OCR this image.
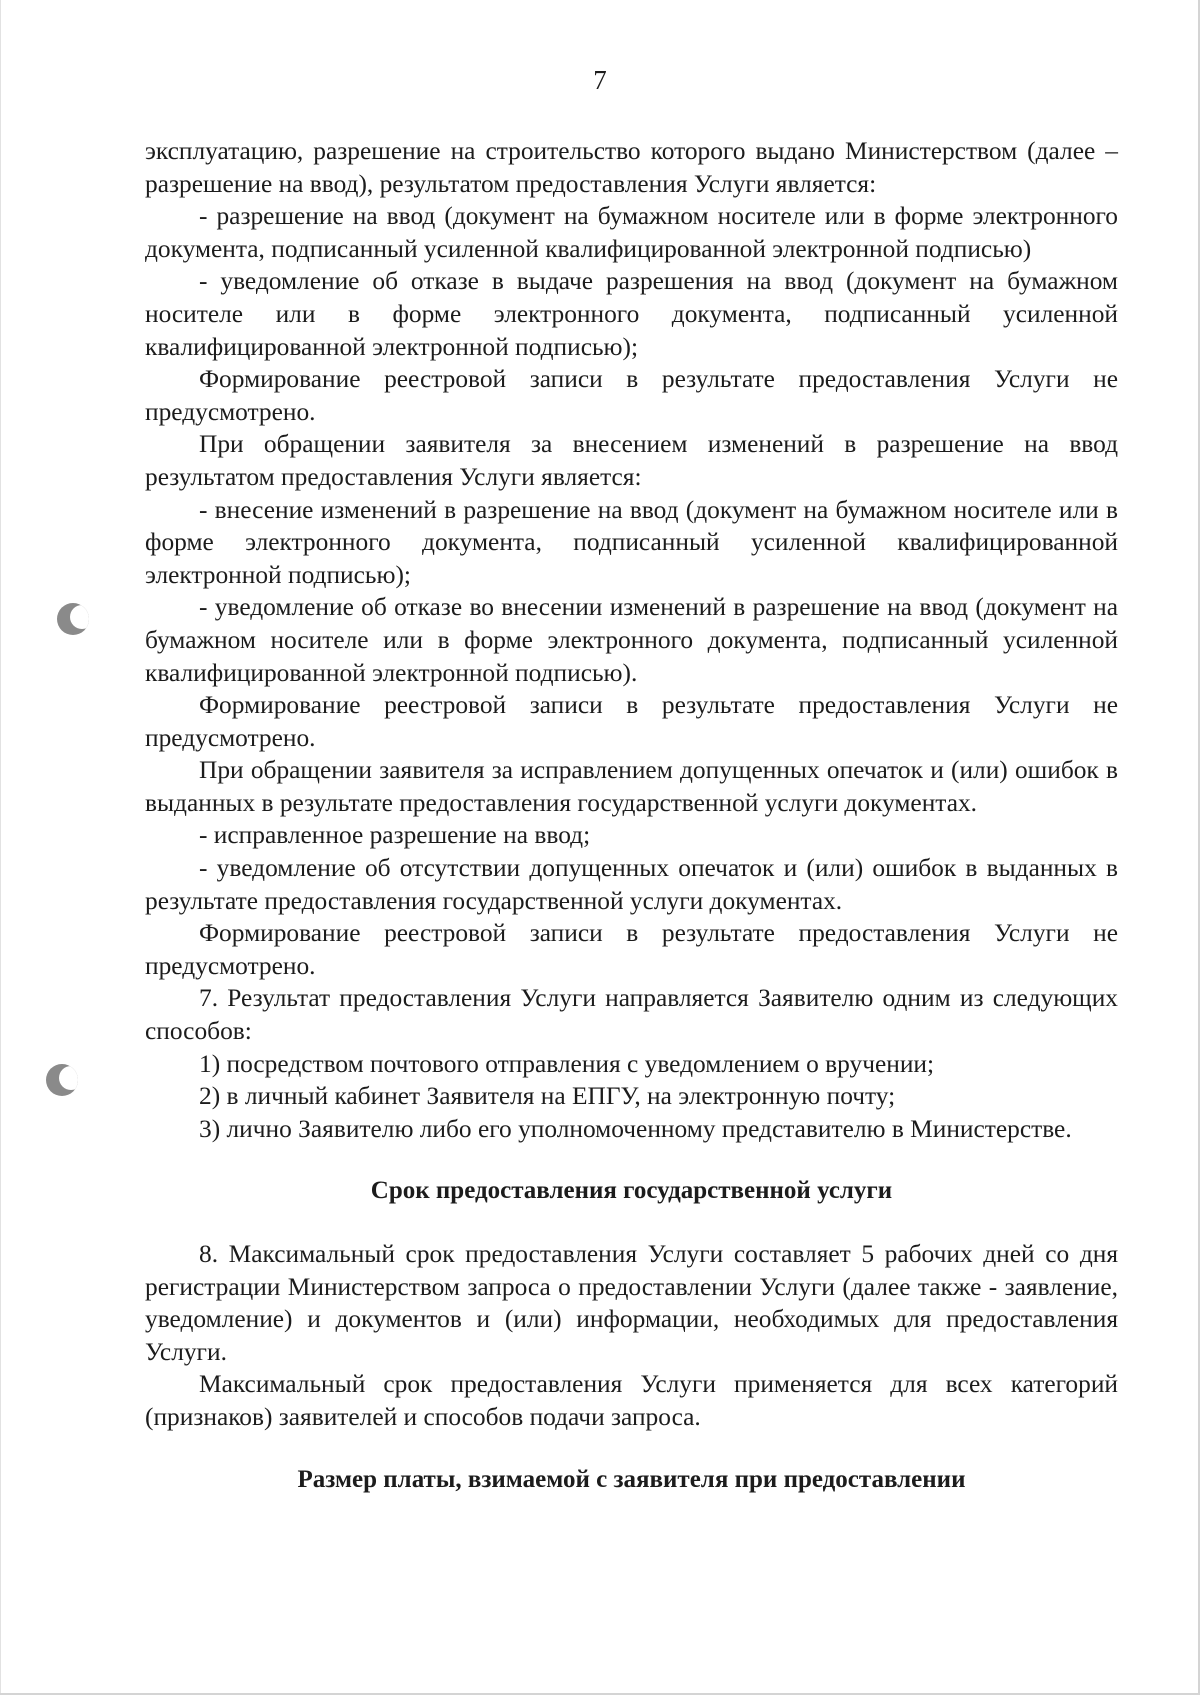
7

эксплуатацию, разрешение на строительство которого выдано Министерством (далее – разрешение на ввод), результатом предоставления Услуги является:

- разрешение на ввод (документ на бумажном носителе или в форме электронного документа, подписанный усиленной квалифицированной электронной подписью)

- уведомление об отказе в выдаче разрешения на ввод (документ на бумажном носителе или в форме электронного документа, подписанный усиленной квалифицированной электронной подписью);

Формирование реестровой записи в результате предоставления Услуги не предусмотрено.

При обращении заявителя за внесением изменений в разрешение на ввод результатом предоставления Услуги является:

- внесение изменений в разрешение на ввод (документ на бумажном носителе или в форме электронного документа, подписанный усиленной квалифицированной электронной подписью);

- уведомление об отказе во внесении изменений в разрешение на ввод (документ на бумажном носителе или в форме электронного документа, подписанный усиленной квалифицированной электронной подписью).

Формирование реестровой записи в результате предоставления Услуги не предусмотрено.

При обращении заявителя за исправлением допущенных опечаток и (или) ошибок в выданных в результате предоставления государственной услуги документах.

- исправленное разрешение на ввод;

- уведомление об отсутствии допущенных опечаток и (или) ошибок в выданных в результате предоставления государственной услуги документах.

Формирование реестровой записи в результате предоставления Услуги не предусмотрено.

7. Результат предоставления Услуги направляется Заявителю одним из следующих способов:

1) посредством почтового отправления с уведомлением о вручении;

2) в личный кабинет Заявителя на ЕПГУ, на электронную почту;

3) лично Заявителю либо его уполномоченному представителю в Министерстве.

Срок предоставления государственной услуги

8. Максимальный срок предоставления Услуги составляет 5 рабочих дней со дня регистрации Министерством запроса о предоставлении Услуги (далее также - заявление, уведомление) и документов и (или) информации, необходимых для предоставления Услуги.

Максимальный срок предоставления Услуги применяется для всех категорий (признаков) заявителей и способов подачи запроса.

Размер платы, взимаемой с заявителя при предоставлении
